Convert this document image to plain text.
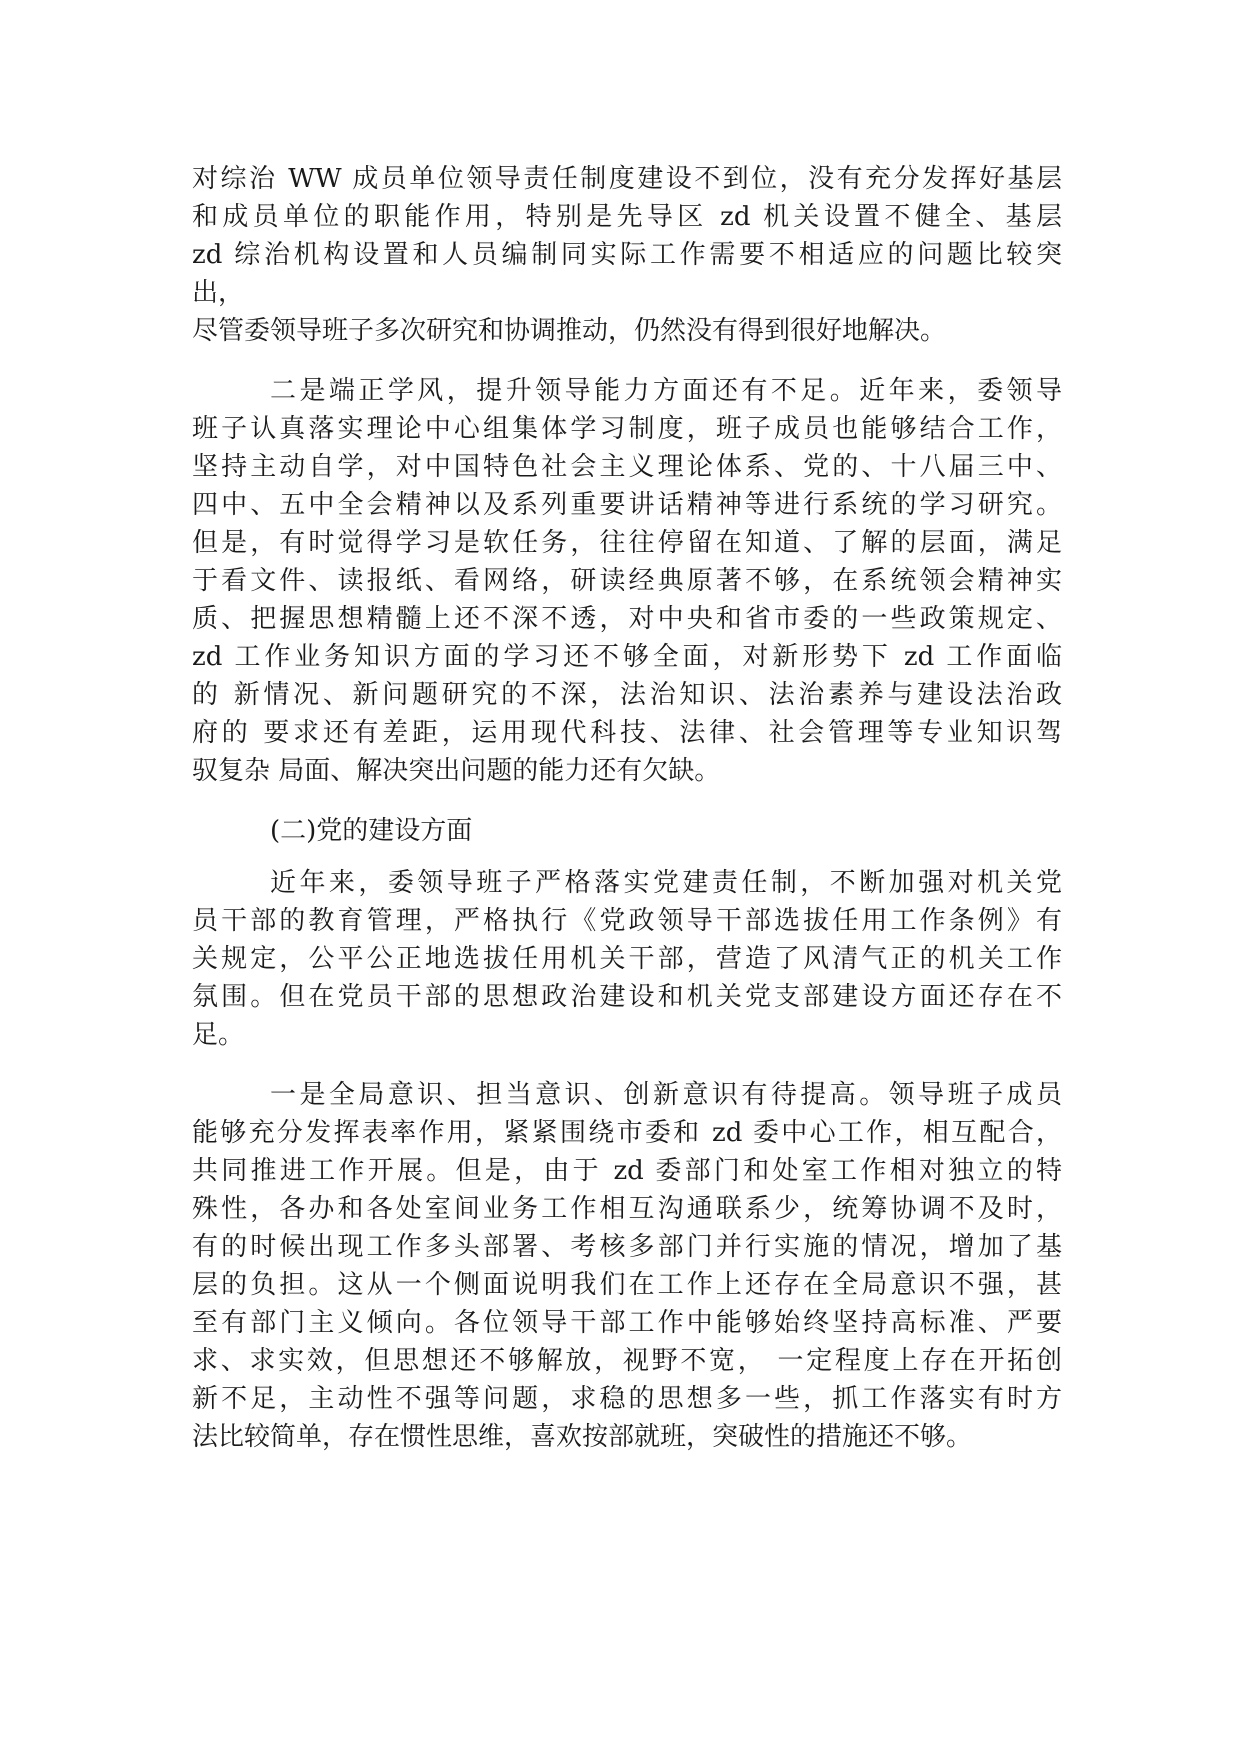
对综治 WW 成员单位领导责任制度建设不到位，没有充分发挥好基层
和成员单位的职能作用，特别是先导区 zd 机关设置不健全、基层
zd 综治机构设置和人员编制同实际工作需要不相适应的问题比较突
出，
尽管委领导班子多次研究和协调推动，仍然没有得到很好地解决。
二是端正学风，提升领导能力方面还有不足。近年来，委领导
班子认真落实理论中心组集体学习制度，班子成员也能够结合工作，
坚持主动自学，对中国特色社会主义理论体系、党的、十八届三中、
四中、五中全会精神以及系列重要讲话精神等进行系统的学习研究。
但是，有时觉得学习是软任务，往往停留在知道、了解的层面，满足
于看文件、读报纸、看网络，研读经典原著不够，在系统领会精神实
质、把握思想精髓上还不深不透，对中央和省市委的一些政策规定、
zd 工作业务知识方面的学习还不够全面，对新形势下 zd 工作面临
的 新情况、新问题研究的不深，法治知识、法治素养与建设法治政
府的 要求还有差距，运用现代科技、法律、社会管理等专业知识驾
驭复杂 局面、解决突出问题的能力还有欠缺。
(二)党的建设方面
近年来，委领导班子严格落实党建责任制，不断加强对机关党
员干部的教育管理，严格执行《党政领导干部选拔任用工作条例》有
关规定，公平公正地选拔任用机关干部，营造了风清气正的机关工作
氛围。但在党员干部的思想政治建设和机关党支部建设方面还存在不
足。
一是全局意识、担当意识、创新意识有待提高。领导班子成员
能够充分发挥表率作用，紧紧围绕市委和 zd 委中心工作，相互配合，
共同推进工作开展。但是，由于 zd 委部门和处室工作相对独立的特
殊性，各办和各处室间业务工作相互沟通联系少，统筹协调不及时，
有的时候出现工作多头部署、考核多部门并行实施的情况，增加了基
层的负担。这从一个侧面说明我们在工作上还存在全局意识不强，甚
至有部门主义倾向。各位领导干部工作中能够始终坚持高标准、严要
求、求实效，但思想还不够解放，视野不宽， 一定程度上存在开拓创
新不足，主动性不强等问题，求稳的思想多一些，抓工作落实有时方
法比较简单，存在惯性思维，喜欢按部就班，突破性的措施还不够。
